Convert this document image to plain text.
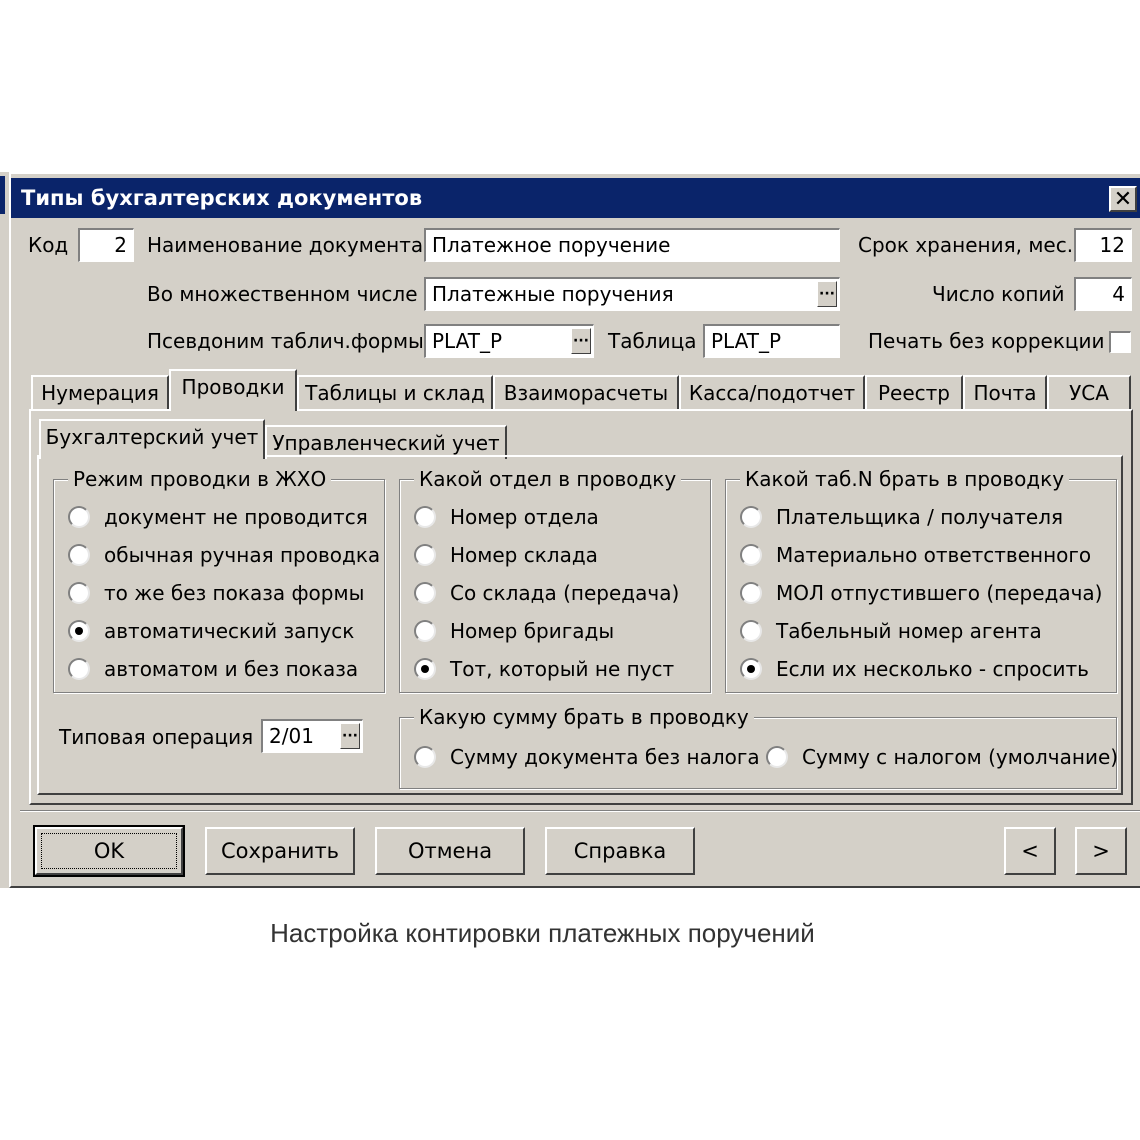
Типы бухгалтерских документов	✕
Код	2	Наименование документа Платежное поручение	Срок хранения, мес.	12
Во множественном числе Платежные поручения	···	Число копий	4
Псевдоним таблич.формы PLAT_P	··· Таблица PLAT_P	Печать без коррекции
Нумерация	Проводки	Таблицы и склад Взаиморасчеты	Касса/подотчет	Реестр	Почта	УСА
Бухгалтерский учет Управленческий учет
Режим проводки в ЖХО
документ не проводится
обычная ручная проводка
то же без показа формы
автоматический запуск
автоматом и без показа
Какой отдел в проводку
Номер отдела
Номер склада
Со склада (передача)
Номер бригады
Тот, который не пуст
Какой таб.N брать в проводку
Плательщика / получателя
Материально ответственного
МОЛ отпустившего (передача)
Табельный номер агента
Если их несколько - спросить
Типовая операция 2/01 ···
Какую сумму брать в проводку
Сумму документа без налога Сумму с налогом (умолчание)
OK	Сохранить	Отмена	Справка	<	>
Настройка контировки платежных поручений
